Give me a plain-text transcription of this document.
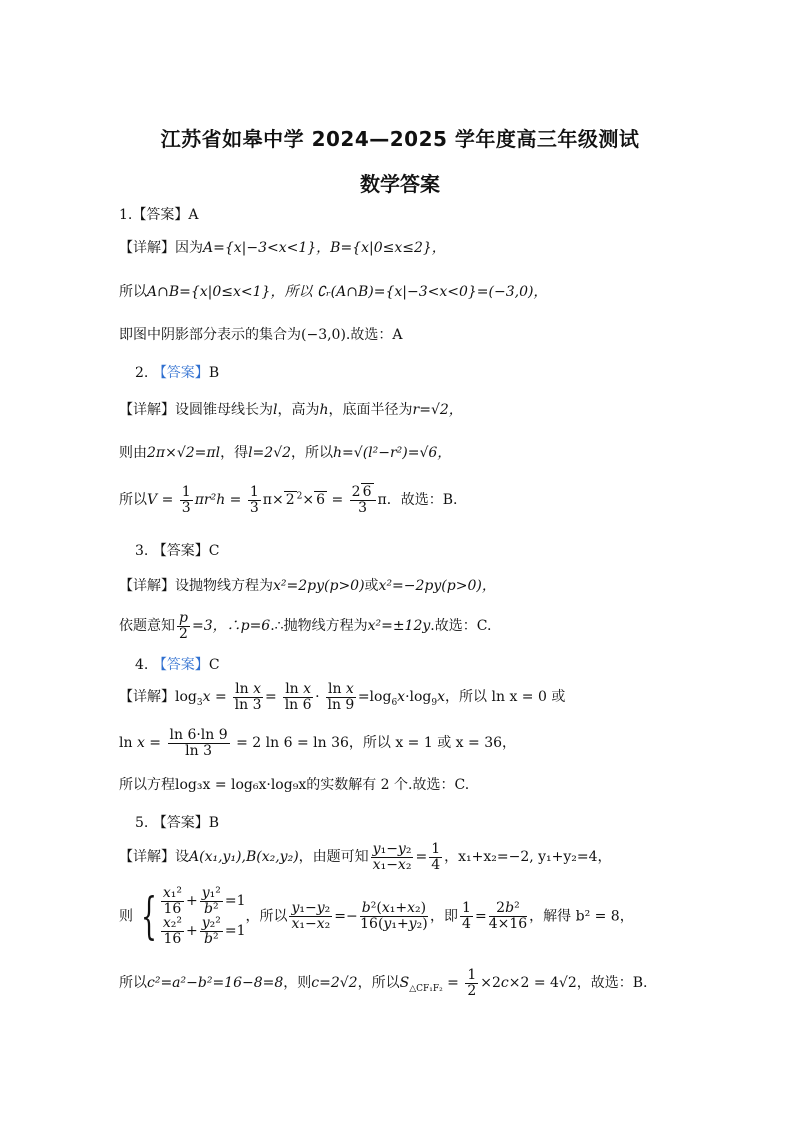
江苏省如皋中学 2024—2025 学年度高三年级测试
数学答案
1.【答案】A
【详解】因为A={x|−3<x<1}，B={x|0≤x≤2}，
所以A∩B={x|0≤x<1}，所以 ∁ᵣ(A∩B)={x|−3<x<0}=(−3,0)，
即图中阴影部分表示的集合为(−3,0).故选：A
2. 【答案】B
【详解】设圆锥母线长为l，高为h，底面半径为r=√2，
则由2π×√2=πl，得l=2√2，所以h=√(l²−r²)=√6，
所以$V = \frac{1}{3} \pi r^2h = \frac{1}{3} \pi\times 2$ $^2\times 6 = \frac{2 6}{3}$ π．故选：B.
3. 【答案】C
【详解】设抛物线方程为x²=2py(p>0)或x²=−2py(p>0)，
依题意知 $\frac{p}{2} =3$，∴p=6.∴抛物线方程为x²=±12y.故选：C.
4. 【答案】C
【详解】$\log_3x = \frac{\text{ln x}}{\ln 3} = \frac{\text{ln x}}{\ln 6} \cdot \frac{\text{ln x}}{\ln 9} =\log_6x\cdot\log_9x$，所以 ln x = 0 或
$\ln x = \frac{\ln 6\cdot\ln 9}{\ln 3} = 2$ ln 6 = ln 36，所以 x = 1 或 x = 36，
所以方程log₃x = log₆x·log₉x的实数解有 2 个.故选：C.
5. 【答案】B
【详解】设A(x₁,y₁),B(x₂,y₂)，由题可知 $\frac{\text{y₁−y₂}}{\text{x₁−x₂}} = \frac{1}{4}$ ，x₁+x₂=−2, y₁+y₂=4，
则 { $\frac{\text{x₁²}}{16} + \frac{\text{y₁²}}{\text{b²}} =1$
$\frac{\text{x₂²}}{16} + \frac{\text{y₂²}}{\text{b²}} =1$
，所以 $\frac{\text{y₁−y₂}}{\text{x₁−x₂}} =- \frac{\text{b²(x₁+x₂)}}{\text{16(y₁+y₂)}}$ ，即 $\frac{1}{4} = \frac{\text{2b²}}{4\times 16}$ ，解得 b² = 8，
所以c²=a²−b²=16−8=8，则c=2√2，所以$S_{\triangle CF_1F_2} = \frac{1}{2} \times 2c\times 2 = 4√2$，故选：B.
